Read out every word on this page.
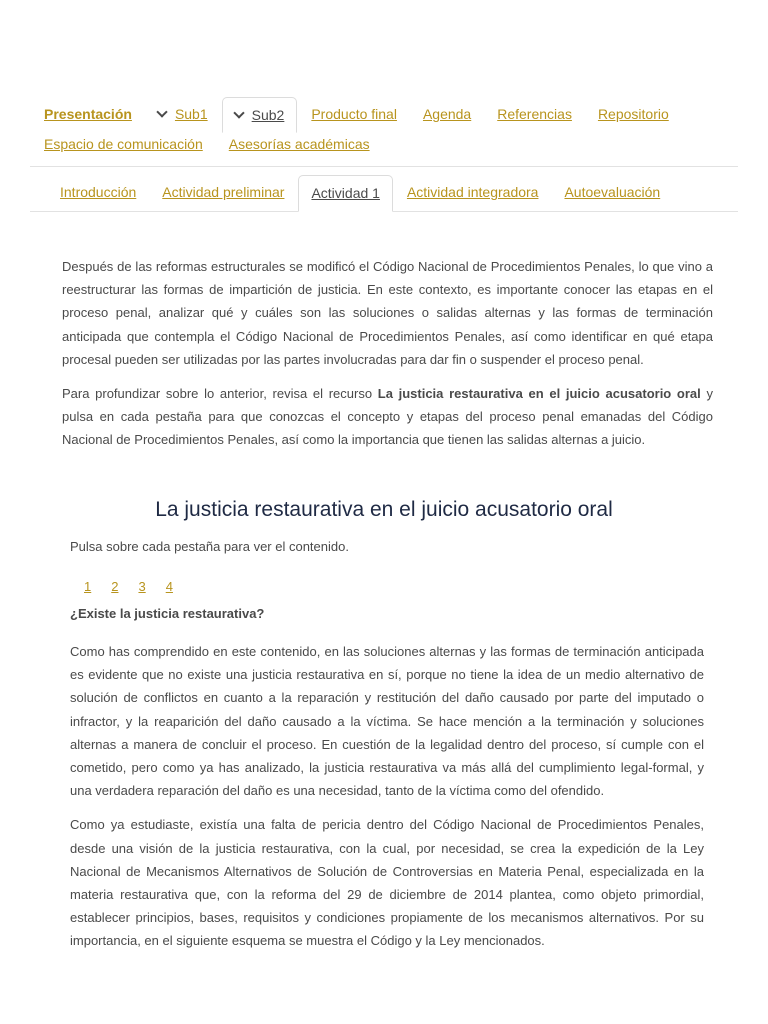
Presentación	Sub1	Sub2 Producto final Agenda Referencias Repositorio
Espacio de comunicación Asesorías académicas
Introducción Actividad preliminar	Actividad 1	Actividad integradora Autoevaluación

Después de las reformas estructurales se modificó el Código Nacional de Procedimientos Penales, lo que vino a reestructurar las formas de impartición de justicia. En este contexto, es importante conocer las etapas en el proceso penal, analizar qué y cuáles son las soluciones o salidas alternas y las formas de terminación anticipada que contempla el Código Nacional de Procedimientos Penales, así como identificar en qué etapa procesal pueden ser utilizadas por las partes involucradas para dar fin o suspender el proceso penal.

Para profundizar sobre lo anterior, revisa el recurso La justicia restaurativa en el juicio acusatorio oral y pulsa en cada pestaña para que conozcas el concepto y etapas del proceso penal emanadas del Código Nacional de Procedimientos Penales, así como la importancia que tienen las salidas alternas a juicio.

La justicia restaurativa en el juicio acusatorio oral

Pulsa sobre cada pestaña para ver el contenido.

1 2 3 4

¿Existe la justicia restaurativa?

Como has comprendido en este contenido, en las soluciones alternas y las formas de terminación anticipada es evidente que no existe una justicia restaurativa en sí, porque no tiene la idea de un medio alternativo de solución de conflictos en cuanto a la reparación y restitución del daño causado por parte del imputado o infractor, y la reaparición del daño causado a la víctima. Se hace mención a la terminación y soluciones alternas a manera de concluir el proceso. En cuestión de la legalidad dentro del proceso, sí cumple con el cometido, pero como ya has analizado, la justicia restaurativa va más allá del cumplimiento legal-formal, y una verdadera reparación del daño es una necesidad, tanto de la víctima como del ofendido.

Como ya estudiaste, existía una falta de pericia dentro del Código Nacional de Procedimientos Penales, desde una visión de la justicia restaurativa, con la cual, por necesidad, se crea la expedición de la Ley Nacional de Mecanismos Alternativos de Solución de Controversias en Materia Penal, especializada en la materia restaurativa que, con la reforma del 29 de diciembre de 2014 plantea, como objeto primordial, establecer principios, bases, requisitos y condiciones propiamente de los mecanismos alternativos. Por su importancia, en el siguiente esquema se muestra el Código y la Ley mencionados.
